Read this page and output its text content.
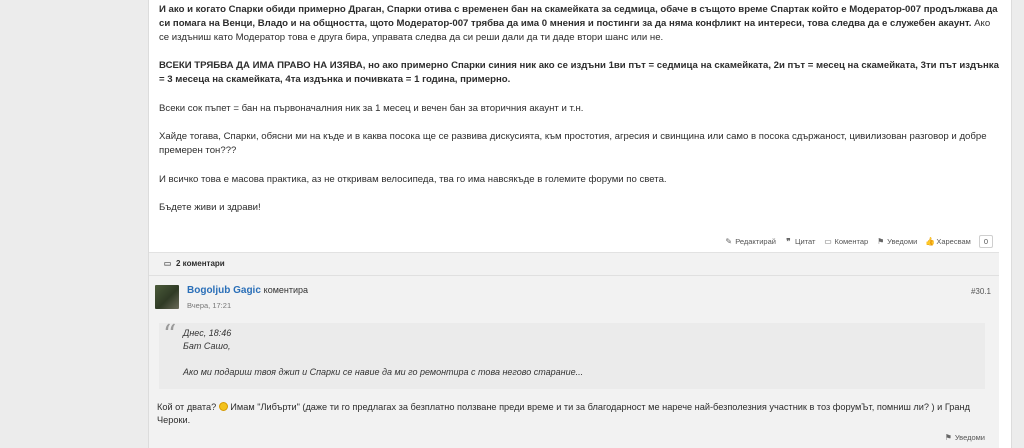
И ако и когато Спарки обиди примерно Драган, Спарки отива с временен бан на скамейката за седмица, обаче в същото време Спартак който е Модератор-007 продължава да си помага на Венци, Владо и на общността, щото Модератор-007 трябва да има 0 мнения и постинги за да няма конфликт на интереси, това следва да е служебен акаунт. Ако се издъниш като Модератор това е друга бира, управата следва да си реши дали да ти даде втори шанс или не.

ВСЕКИ ТРЯБВА ДА ИМА ПРАВО НА ИЗЯВА, но ако примерно Спарки синия ник ако се издъни 1ви път = седмица на скамейката, 2и път = месец на скамейката, 3ти път издънка = 3 месеца на скамейката, 4та издънка и почивката = 1 година, примерно.

Всеки сок пъпет = бан на първоначалния ник за 1 месец и вечен бан за вторичния акаунт и т.н.

Хайде тогава, Спарки, обясни ми на къде и в каква посока ще се развива дискусията, към простотия, агресия и свинщина или само в посока сдържаност, цивилизован разговор и добре премерен тон???

И всичко това е масова практика, аз не откривам велосипеда, тва го има навсякъде в големите форуми по света.

Бъдете живи и здрави!

✎ Редактирай ❞ Цитат ▭ Коментар ⚑ Уведоми 👍 Харесвам	0
▭ 2 коментари
Bogoljub Gagic коментира
Вчера, 17:21
#30.1
“ Днес, 18:46
Бат Сашо,
Ако ми подариш твоя джип и Спарки се навие да ми го ремонтира с това негово старание...
Кой от двата?  Имам "Либърти" (даже ти го предлагах за безплатно ползване преди време и ти за благодарност ме нарече най-безполезния участник в тоз форумЪт, помниш ли? ) и Гранд Чероки.
⚑ Уведоми
